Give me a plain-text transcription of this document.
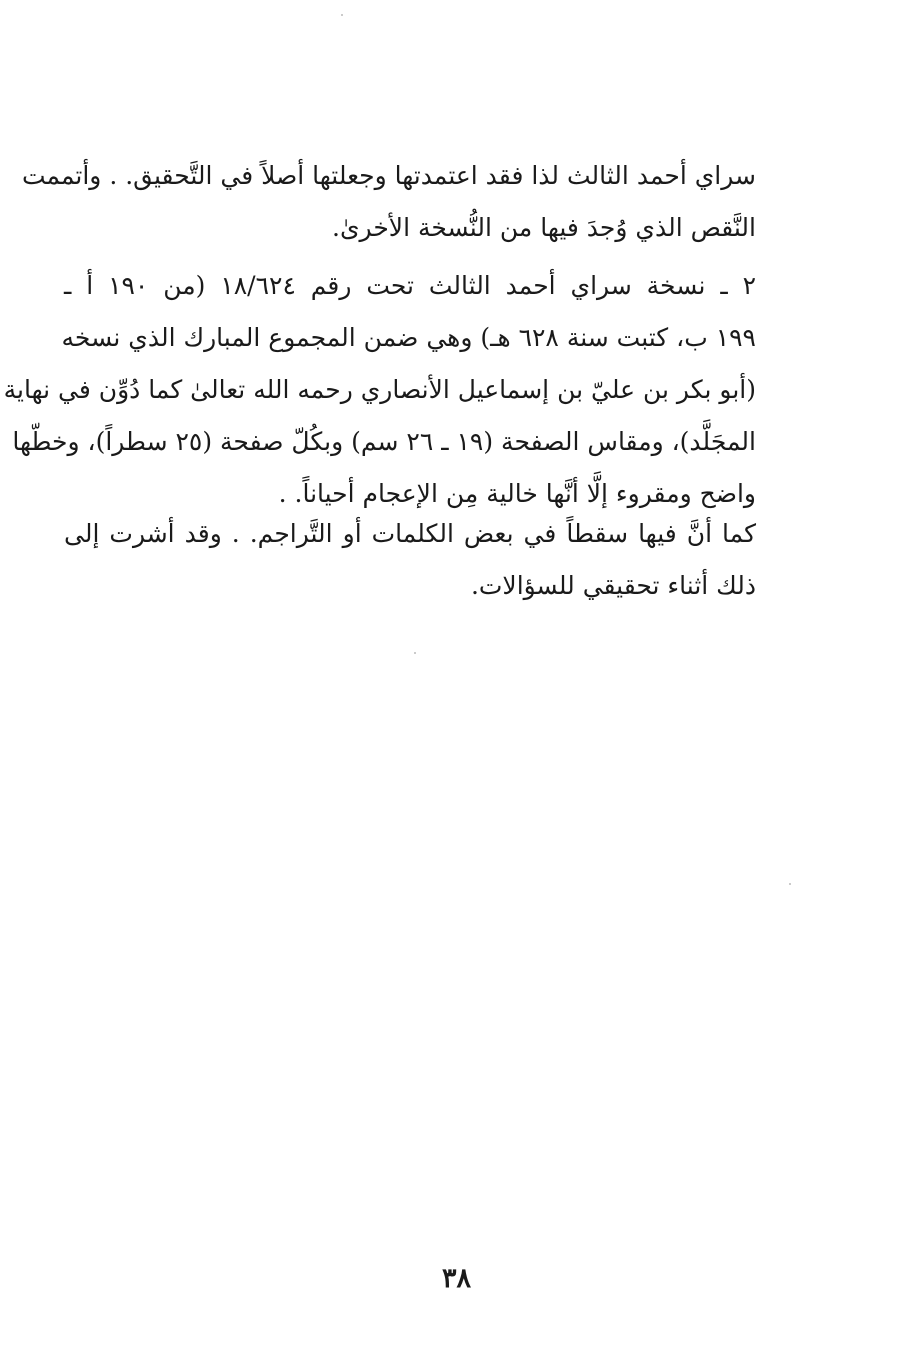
سراي أحمد الثالث لذا فقد اعتمدتها وجعلتها أصلاً في التَّحقيق. . وأتممت
النَّقص الذي وُجدَ فيها من النُّسخة الأخرىٰ.
٢ ـ نسخة سراي أحمد الثالث تحت رقم ١٨/٦٢٤ (من ١٩٠ أ ـ
١٩٩ ب، كتبت سنة ٦٢٨ هـ) وهي ضمن المجموع المبارك الذي نسخه
(أبو بكر بن عليّ بن إسماعيل الأنصاري رحمه الله تعالىٰ كما دُوِّن في نهاية
المجَلَّد)، ومقاس الصفحة (١٩ ـ ٢٦ سم) وبكُلّ صفحة (٢٥ سطراً)، وخطّها
واضح ومقروء إلَّا أنَّها خالية مِن الإعجام أحياناً. .
كما أنَّ فيها سقطاً في بعض الكلمات أو التَّراجم. . وقد أشرت إلى
ذلك أثناء تحقيقي للسؤالات.
٣٨
